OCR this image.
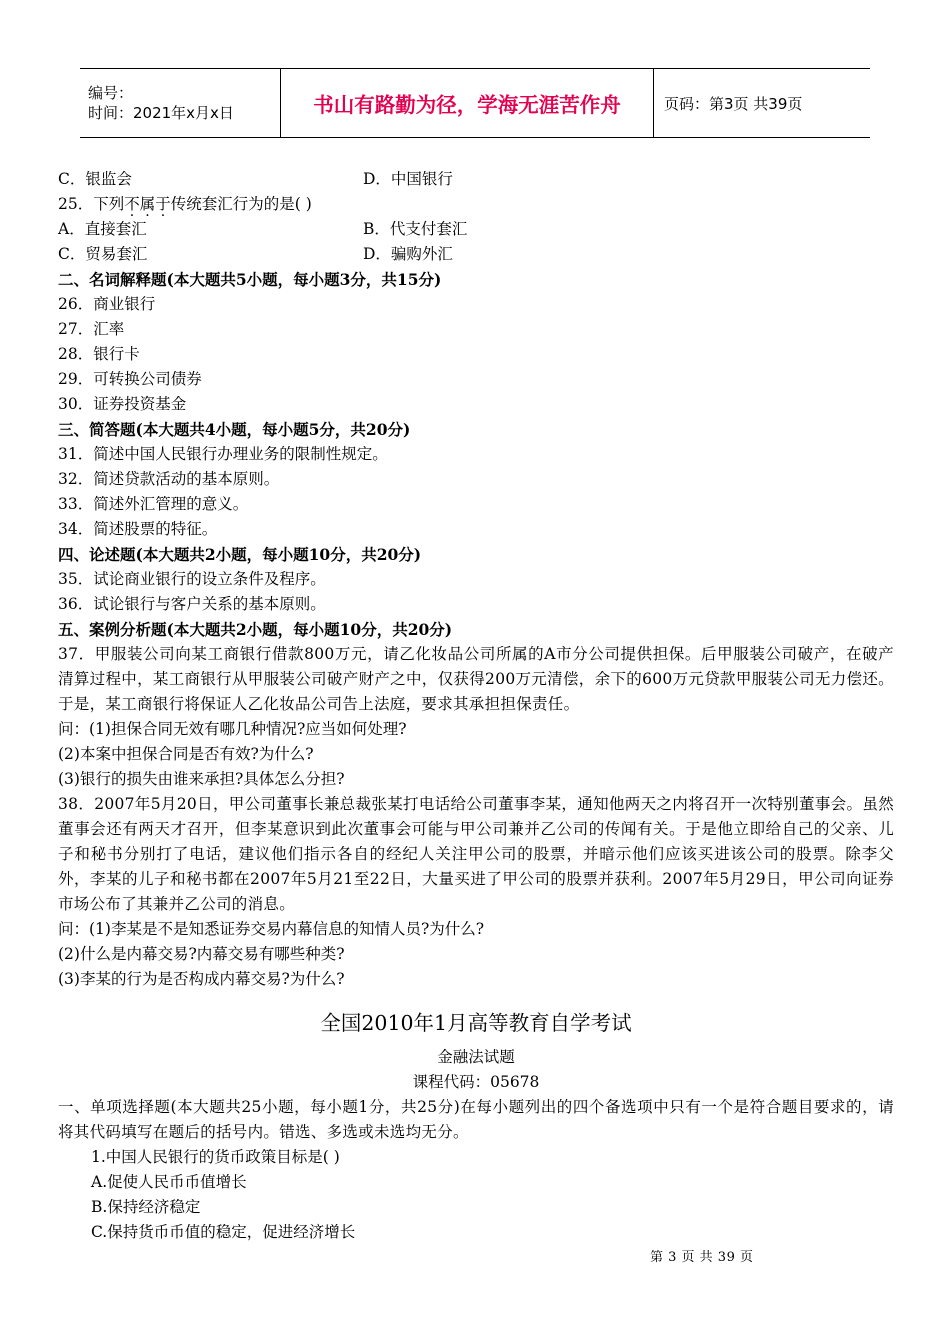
编号：
时间：2021年x月x日	书山有路勤为径，学海无涯苦作舟	页码：第3页 共39页
C．银监会	D．中国银行
25．下列不属于传统套汇行为的是( )
A．直接套汇	B．代支付套汇
C．贸易套汇	D．骗购外汇
二、名词解释题(本大题共5小题，每小题3分，共15分)
26．商业银行
27．汇率
28．银行卡
29．可转换公司债券
30．证券投资基金
三、简答题(本大题共4小题，每小题5分，共20分)
31．简述中国人民银行办理业务的限制性规定。
32．简述贷款活动的基本原则。
33．简述外汇管理的意义。
34．简述股票的特征。
四、论述题(本大题共2小题，每小题10分，共20分)
35．试论商业银行的设立条件及程序。
36．试论银行与客户关系的基本原则。
五、案例分析题(本大题共2小题，每小题10分，共20分)
37．甲服装公司向某工商银行借款800万元，请乙化妆品公司所属的A市分公司提供担保。后甲服装公司破产，在破产清算过程中，某工商银行从甲服装公司破产财产之中，仅获得200万元清偿，余下的600万元贷款甲服装公司无力偿还。于是，某工商银行将保证人乙化妆品公司告上法庭，要求其承担担保责任。
问：(1)担保合同无效有哪几种情况?应当如何处理?
(2)本案中担保合同是否有效?为什么?
(3)银行的损失由谁来承担?具体怎么分担?
38．2007年5月20日，甲公司董事长兼总裁张某打电话给公司董事李某，通知他两天之内将召开一次特别董事会。虽然董事会还有两天才召开，但李某意识到此次董事会可能与甲公司兼并乙公司的传闻有关。于是他立即给自己的父亲、儿子和秘书分别打了电话，建议他们指示各自的经纪人关注甲公司的股票，并暗示他们应该买进该公司的股票。除李父外，李某的儿子和秘书都在2007年5月21至22日，大量买进了甲公司的股票并获利。2007年5月29日，甲公司向证券市场公布了其兼并乙公司的消息。
问：(1)李某是不是知悉证券交易内幕信息的知情人员?为什么?
(2)什么是内幕交易?内幕交易有哪些种类?
(3)李某的行为是否构成内幕交易?为什么?
全国2010年1月高等教育自学考试
金融法试题
课程代码：05678
一、单项选择题(本大题共25小题，每小题1分，共25分)在每小题列出的四个备选项中只有一个是符合题目要求的，请将其代码填写在题后的括号内。错选、多选或未选均无分。
1.中国人民银行的货币政策目标是( )
A.促使人民币币值增长
B.保持经济稳定
C.保持货币币值的稳定，促进经济增长
第 3 页 共 39 页
